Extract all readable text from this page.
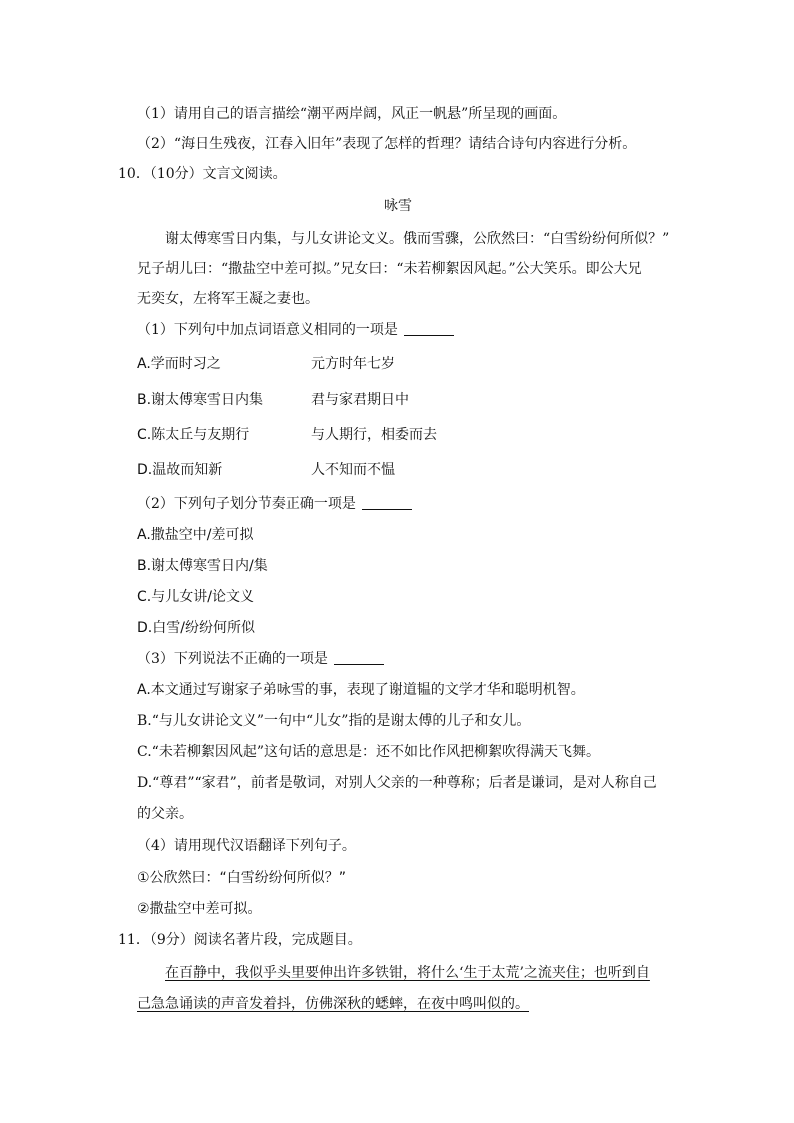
（1）请用自己的语言描绘“潮平两岸阔，风正一帆悬”所呈现的画面。
（2）“海日生残夜，江春入旧年”表现了怎样的哲理？请结合诗句内容进行分析。
10．（10分）文言文阅读。
咏雪
谢太傅寒雪日内集，与儿女讲论文义。俄而雪骤，公欣然曰：“白雪纷纷何所似？”
兄子胡儿曰：“撒盐空中差可拟。”兄女曰：“未若柳絮因风起。”公大笑乐。即公大兄
无奕女，左将军王凝之妻也。
（1）下列句中加点词语意义相同的一项是
A.学而时习之	元方时年七岁
B.谢太傅寒雪日内集	君与家君期日中
C.陈太丘与友期行	与人期行，相委而去
D.温故而知新	人不知而不愠
（2）下列句子划分节奏正确一项是
A.撒盐空中/差可拟
B.谢太傅寒雪日内/集
C.与儿女讲/论文义
D.白雪/纷纷何所似
（3）下列说法不正确的一项是
A.本文通过写谢家子弟咏雪的事，表现了谢道韫的文学才华和聪明机智。
B.“与儿女讲论文义”一句中“儿女”指的是谢太傅的儿子和女儿。
C.“未若柳絮因风起”这句话的意思是：还不如比作风把柳絮吹得满天飞舞。
D.“尊君”“家君”，前者是敬词，对别人父亲的一种尊称；后者是谦词，是对人称自己
的父亲。
（4）请用现代汉语翻译下列句子。
①公欣然曰：“白雪纷纷何所似？”
②撒盐空中差可拟。
11．（9分）阅读名著片段，完成题目。
在百静中，我似乎头里要伸出许多铁钳，将什么‘生于太荒’之流夹住；也听到自
己急急诵读的声音发着抖，仿佛深秋的蟋蟀，在夜中鸣叫似的。
